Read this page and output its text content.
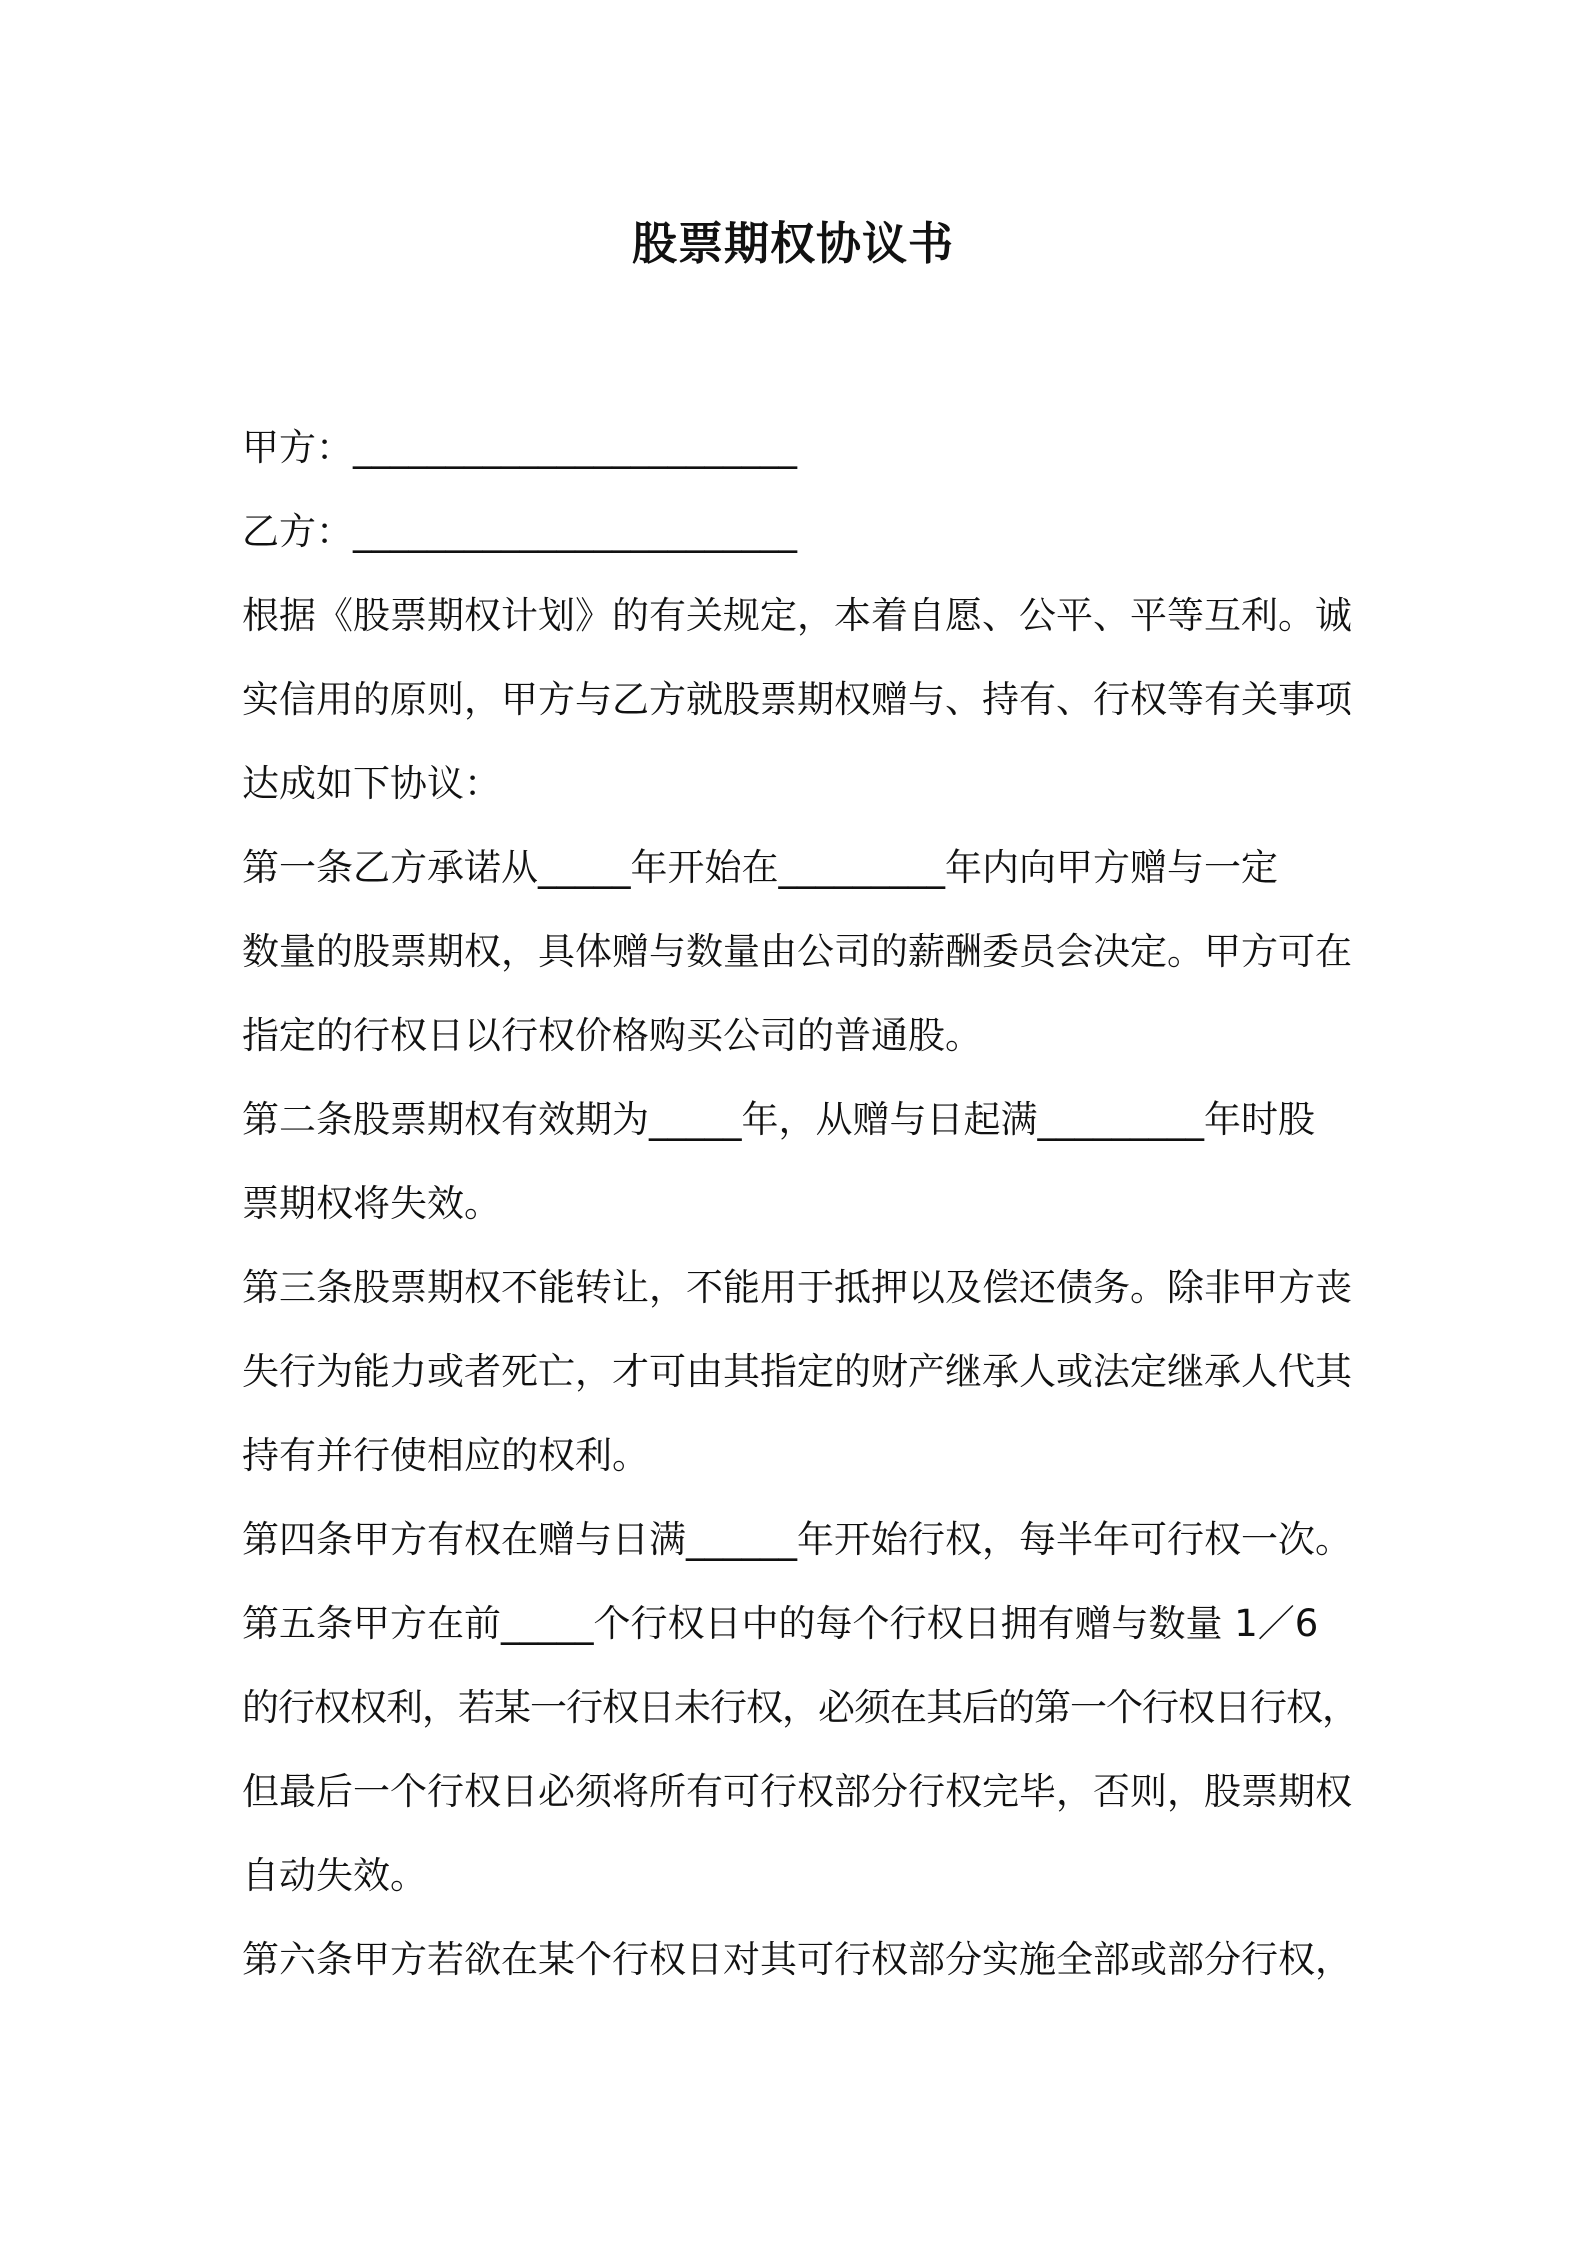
股票期权协议书
甲方：________________________
乙方：________________________
根据《股票期权计划》的有关规定，本着自愿、公平、平等互利。诚
实信用的原则，甲方与乙方就股票期权赠与、持有、行权等有关事项
达成如下协议：
第一条乙方承诺从_____年开始在_________年内向甲方赠与一定
数量的股票期权，具体赠与数量由公司的薪酬委员会决定。甲方可在
指定的行权日以行权价格购买公司的普通股。
第二条股票期权有效期为_____年，从赠与日起满_________年时股
票期权将失效。
第三条股票期权不能转让，不能用于抵押以及偿还债务。除非甲方丧
失行为能力或者死亡，才可由其指定的财产继承人或法定继承人代其
持有并行使相应的权利。
第四条甲方有权在赠与日满______年开始行权，每半年可行权一次。
第五条甲方在前_____个行权日中的每个行权日拥有赠与数量 1／6
的行权权利，若某一行权日未行权，必须在其后的第一个行权日行权，
但最后一个行权日必须将所有可行权部分行权完毕，否则，股票期权
自动失效。
第六条甲方若欲在某个行权日对其可行权部分实施全部或部分行权，
